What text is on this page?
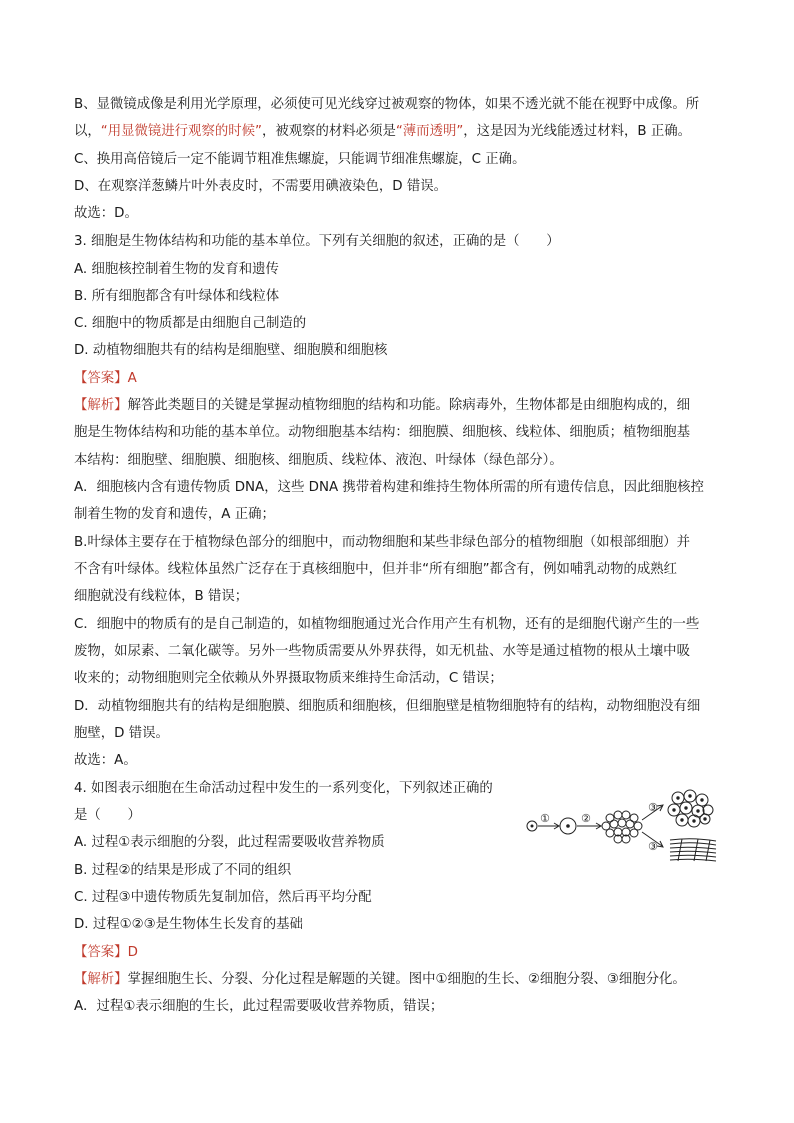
B、显微镜成像是利用光学原理，必须使可见光线穿过被观察的物体，如果不透光就不能在视野中成像。所
以，“用显微镜进行观察的时候”，被观察的材料必须是“薄而透明”，这是因为光线能透过材料，B 正确。
C、换用高倍镜后一定不能调节粗准焦螺旋，只能调节细准焦螺旋，C 正确。
D、在观察洋葱鳞片叶外表皮时，不需要用碘液染色，D 错误。
故选：D。
3. 细胞是生物体结构和功能的基本单位。下列有关细胞的叙述，正确的是（　　）
A. 细胞核控制着生物的发育和遗传
B. 所有细胞都含有叶绿体和线粒体
C. 细胞中的物质都是由细胞自己制造的
D. 动植物细胞共有的结构是细胞壁、细胞膜和细胞核
【答案】A
【解析】解答此类题目的关键是掌握动植物细胞的结构和功能。除病毒外，生物体都是由细胞构成的，细
胞是生物体结构和功能的基本单位。动物细胞基本结构：细胞膜、细胞核、线粒体、细胞质；植物细胞基
本结构：细胞壁、细胞膜、细胞核、细胞质、线粒体、液泡、叶绿体（绿色部分）。
A．细胞核内含有遗传物质 DNA，这些 DNA 携带着构建和维持生物体所需的所有遗传信息，因此细胞核控
制着生物的发育和遗传，A 正确；
B.叶绿体主要存在于植物绿色部分的细胞中，而动物细胞和某些非绿色部分的植物细胞（如根部细胞）并
不含有叶绿体。线粒体虽然广泛存在于真核细胞中，但并非“所有细胞”都含有，例如哺乳动物的成熟红
细胞就没有线粒体，B 错误；
C．细胞中的物质有的是自己制造的，如植物细胞通过光合作用产生有机物，还有的是细胞代谢产生的一些
废物，如尿素、二氧化碳等。另外一些物质需要从外界获得，如无机盐、水等是通过植物的根从土壤中吸
收来的；动物细胞则完全依赖从外界摄取物质来维持生命活动，C 错误；
D．动植物细胞共有的结构是细胞膜、细胞质和细胞核，但细胞壁是植物细胞特有的结构，动物细胞没有细
胞壁，D 错误。
故选：A。
4. 如图表示细胞在生命活动过程中发生的一系列变化，下列叙述正确的
是（　　）
A. 过程①表示细胞的分裂，此过程需要吸收营养物质
B. 过程②的结果是形成了不同的组织
C. 过程③中遗传物质先复制加倍，然后再平均分配
D. 过程①②③是生物体生长发育的基础
【答案】D
【解析】掌握细胞生长、分裂、分化过程是解题的关键。图中①细胞的生长、②细胞分裂、③细胞分化。
A．过程①表示细胞的生长，此过程需要吸收营养物质，错误；
①	②
③
③
